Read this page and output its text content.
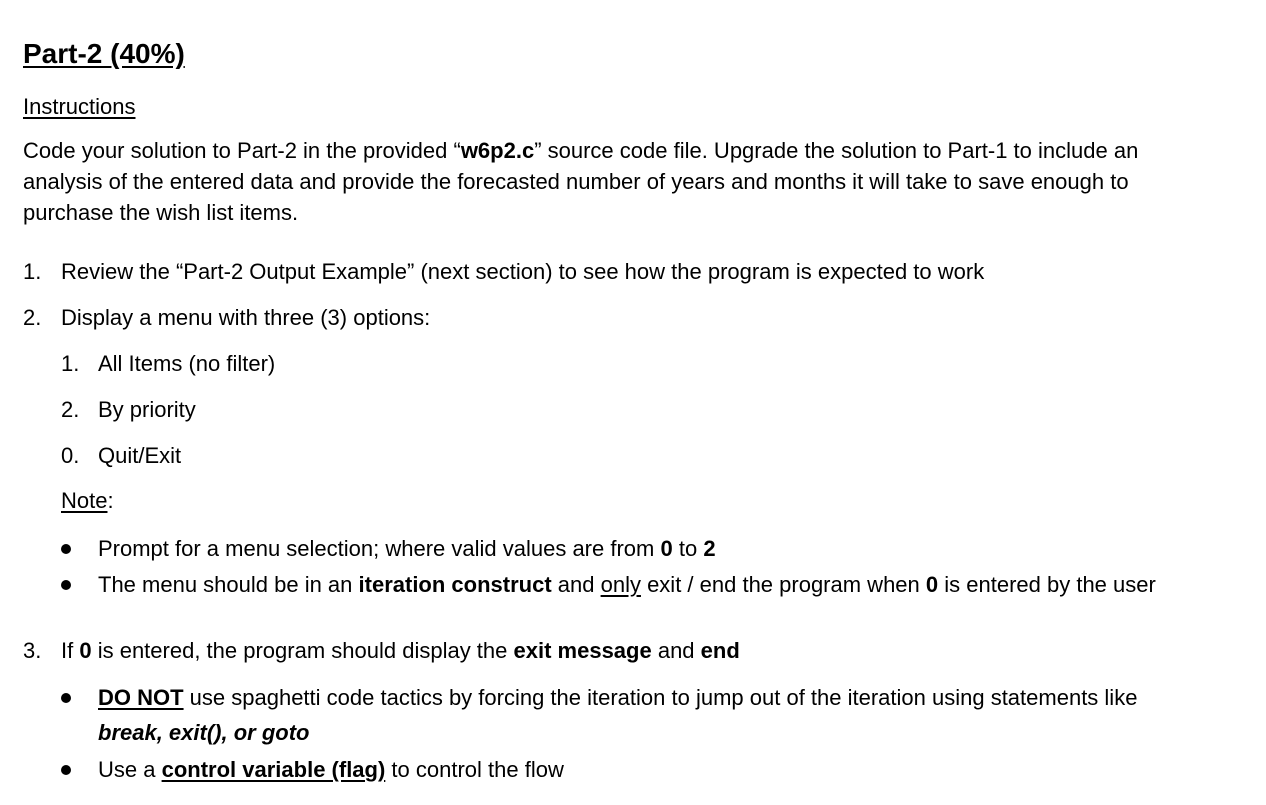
Part-2 (40%)
Instructions
Code your solution to Part-2 in the provided “w6p2.c” source code file. Upgrade the solution to Part-1 to include an
analysis of the entered data and provide the forecasted number of years and months it will take to save enough to
purchase the wish list items.
1. Review the “Part-2 Output Example” (next section) to see how the program is expected to work
2. Display a menu with three (3) options:
1. All Items (no filter)
2. By priority
0. Quit/Exit
Note:
Prompt for a menu selection; where valid values are from 0 to 2
The menu should be in an iteration construct and only exit / end the program when 0 is entered by the user
3. If 0 is entered, the program should display the exit message and end
DO NOT use spaghetti code tactics by forcing the iteration to jump out of the iteration using statements like
break, exit(), or goto
Use a control variable (flag) to control the flow
